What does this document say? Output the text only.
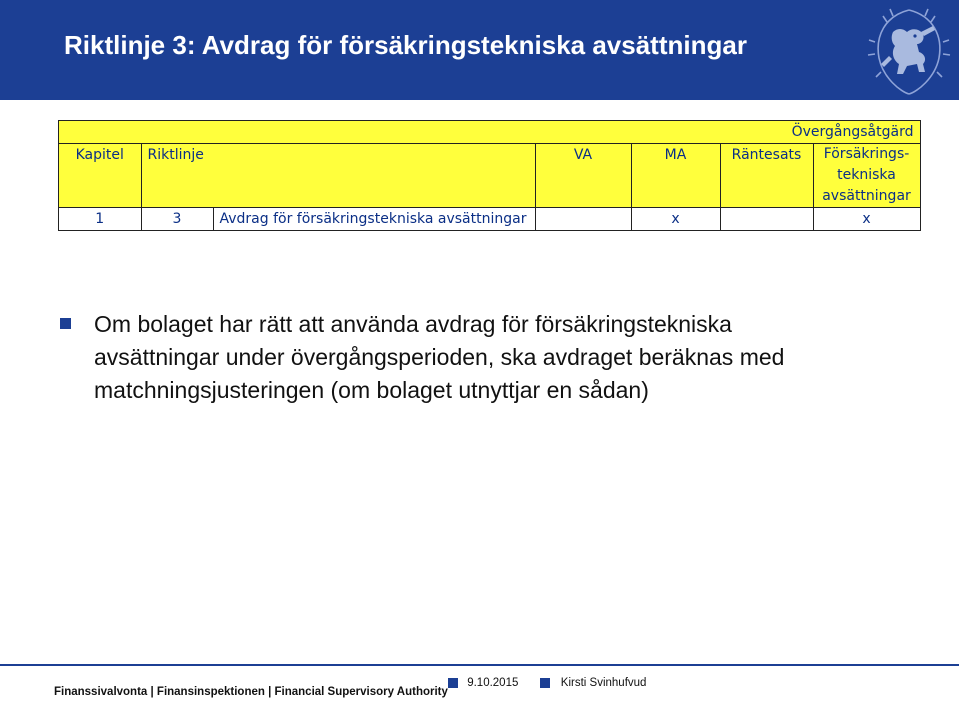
Riktlinje 3: Avdrag för försäkringstekniska avsättningar
					Övergångsåtgärd	
Kapitel	Riktlinje		VA	MA	Räntesats	Försäkrings-
tekniska
avsättningar

1	3	Avdrag för försäkringstekniska avsättningar		x		x
Om bolaget har rätt att använda avdrag för försäkringstekniska
avsättningar under övergångsperioden, ska avdraget beräknas med
matchningsjusteringen (om bolaget utnyttjar en sådan)
Finanssivalvonta | Finansinspektionen | Financial Supervisory Authority
9.10.2015	Kirsti Svinhufvud
